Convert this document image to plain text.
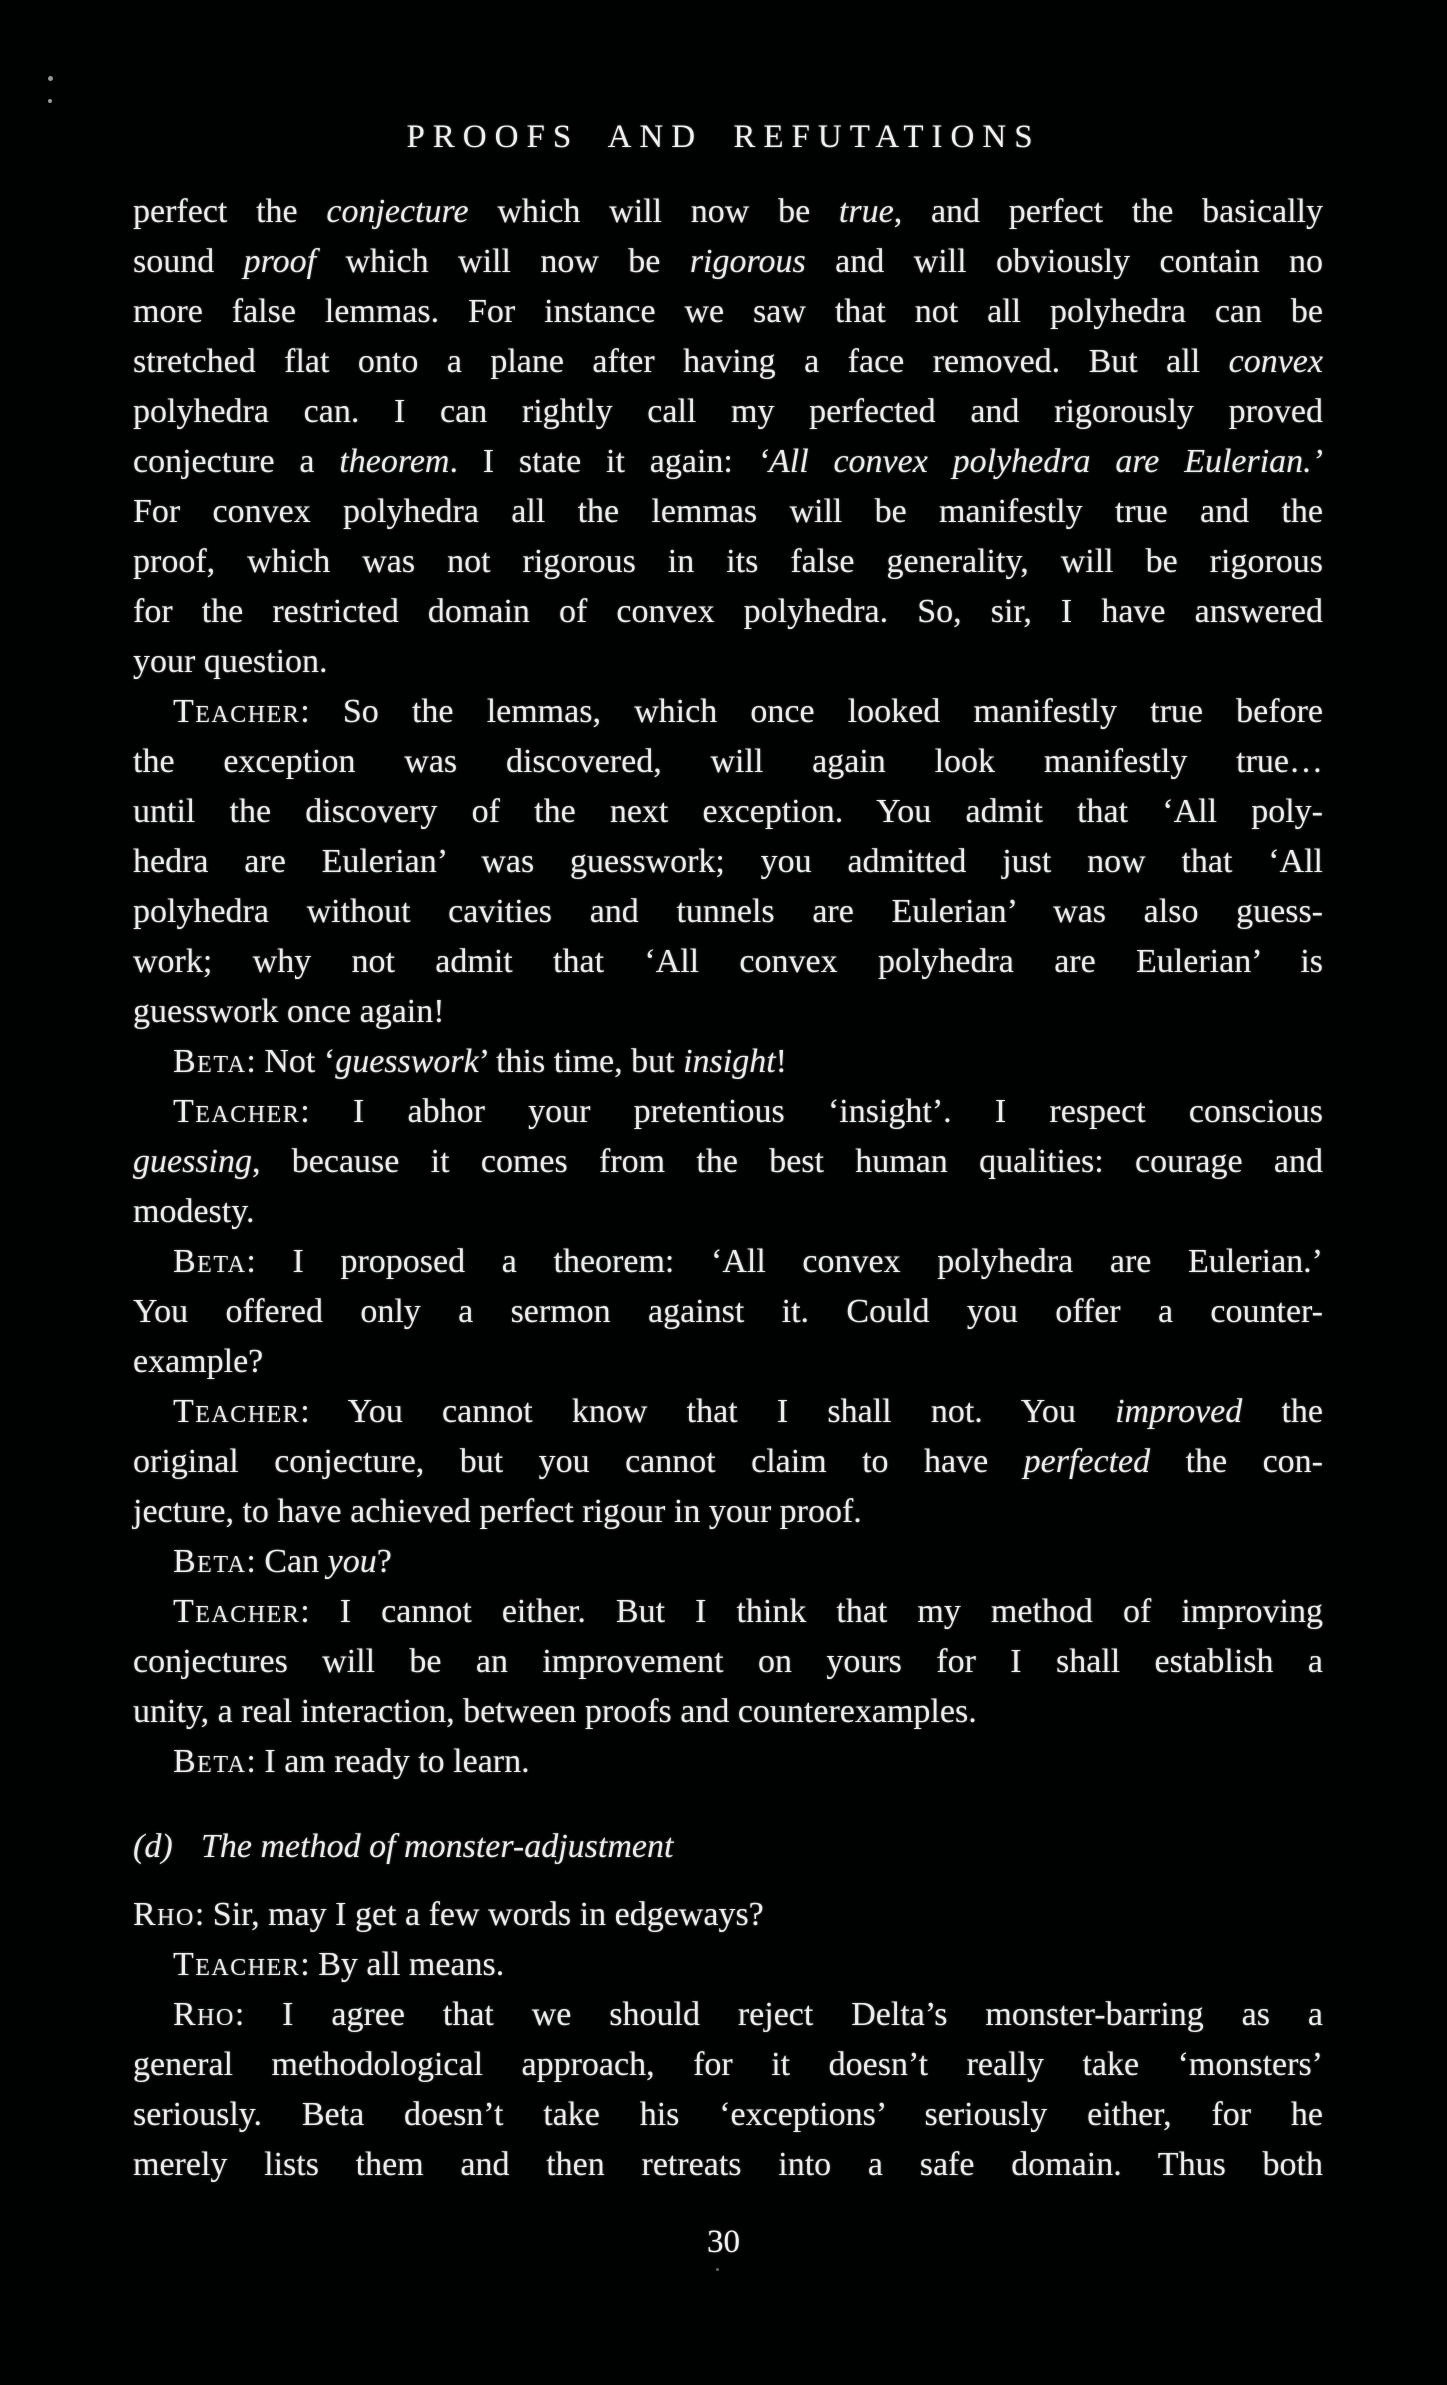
PROOFS AND REFUTATIONS
perfect the conjecture which will now be true, and perfect the basically
sound proof which will now be rigorous and will obviously contain no
more false lemmas. For instance we saw that not all polyhedra can be
stretched flat onto a plane after having a face removed. But all convex
polyhedra can. I can rightly call my perfected and rigorously proved
conjecture a theorem. I state it again: ‘All convex polyhedra are Eulerian.’
For convex polyhedra all the lemmas will be manifestly true and the
proof, which was not rigorous in its false generality, will be rigorous
for the restricted domain of convex polyhedra. So, sir, I have answered
your question.
Teacher: So the lemmas, which once looked manifestly true before
the exception was discovered, will again look manifestly true…
until the discovery of the next exception. You admit that ‘All poly-
hedra are Eulerian’ was guesswork; you admitted just now that ‘All
polyhedra without cavities and tunnels are Eulerian’ was also guess-
work; why not admit that ‘All convex polyhedra are Eulerian’ is
guesswork once again!
Beta: Not ‘guesswork’ this time, but insight!
Teacher: I abhor your pretentious ‘insight’. I respect conscious
guessing, because it comes from the best human qualities: courage and
modesty.
Beta: I proposed a theorem: ‘All convex polyhedra are Eulerian.’
You offered only a sermon against it. Could you offer a counter-
example?
Teacher: You cannot know that I shall not. You improved the
original conjecture, but you cannot claim to have perfected the con-
jecture, to have achieved perfect rigour in your proof.
Beta: Can you?
Teacher: I cannot either. But I think that my method of improving
conjectures will be an improvement on yours for I shall establish a
unity, a real interaction, between proofs and counterexamples.
Beta: I am ready to learn.
(d)   The method of monster-adjustment
Rho: Sir, may I get a few words in edgeways?
Teacher: By all means.
Rho: I agree that we should reject Delta’s monster-barring as a
general methodological approach, for it doesn’t really take ‘monsters’
seriously. Beta doesn’t take his ‘exceptions’ seriously either, for he
merely lists them and then retreats into a safe domain. Thus both
30
